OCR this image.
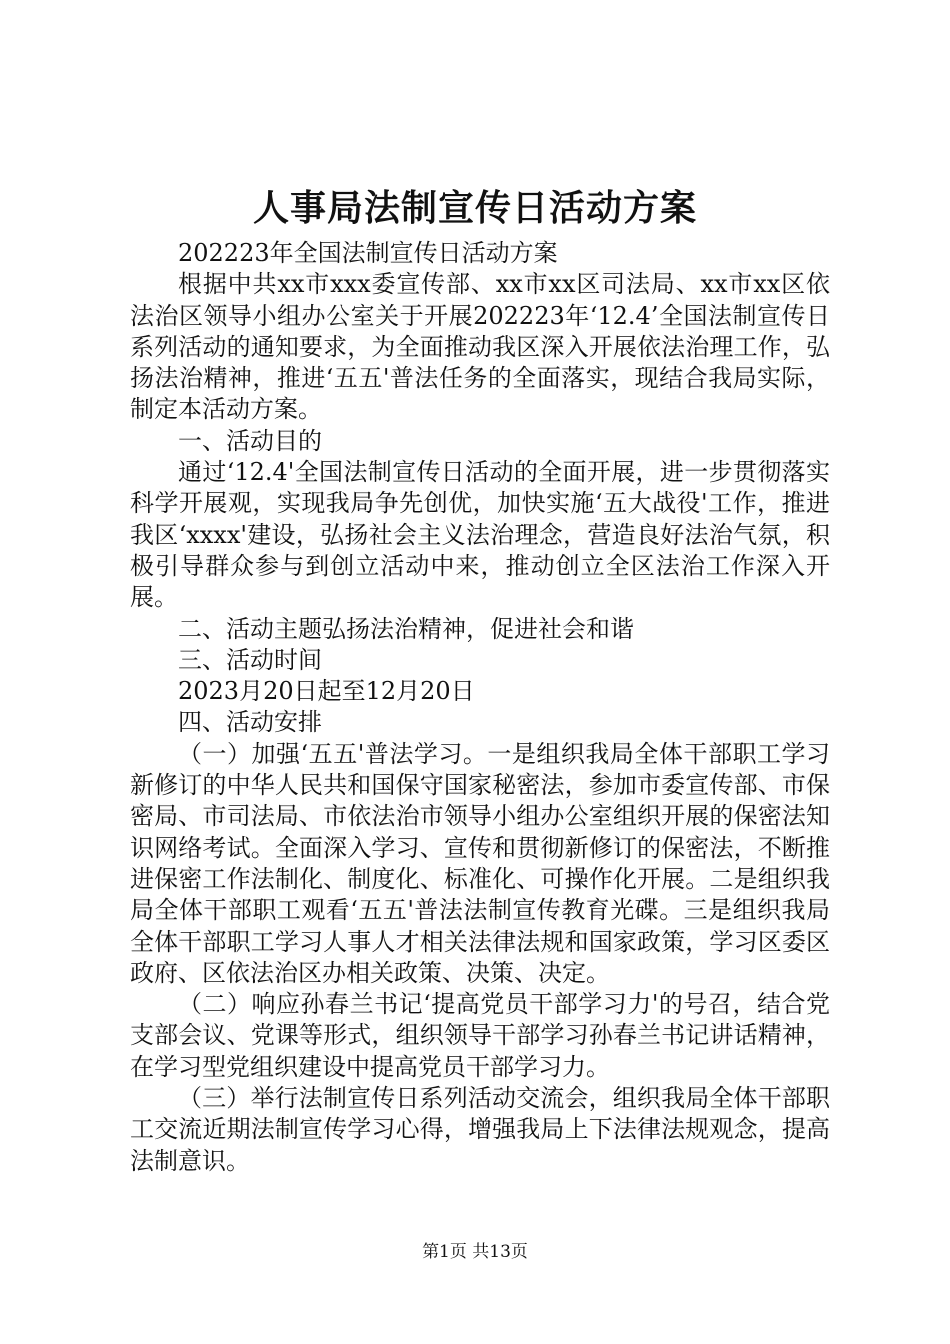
人事局法制宣传日活动方案

202223年全国法制宣传日活动方案

根据中共xx市xxx委宣传部、xx市xx区司法局、xx市xx区依法治区领导小组办公室关于开展202223年‘12.4’全国法制宣传日系列活动的通知要求，为全面推动我区深入开展依法治理工作，弘扬法治精神，推进‘五五'普法任务的全面落实，现结合我局实际，制定本活动方案。

一、活动目的

通过‘12.4'全国法制宣传日活动的全面开展，进一步贯彻落实科学开展观，实现我局争先创优，加快实施‘五大战役'工作，推进我区‘xxxx'建设，弘扬社会主义法治理念，营造良好法治气氛，积极引导群众参与到创立活动中来，推动创立全区法治工作深入开展。

二、活动主题弘扬法治精神，促进社会和谐

三、活动时间

2023月20日起至12月20日

四、活动安排

（一）加强‘五五'普法学习。一是组织我局全体干部职工学习新修订的中华人民共和国保守国家秘密法，参加市委宣传部、市保密局、市司法局、市依法治市领导小组办公室组织开展的保密法知识网络考试。全面深入学习、宣传和贯彻新修订的保密法，不断推进保密工作法制化、制度化、标准化、可操作化开展。二是组织我局全体干部职工观看‘五五'普法法制宣传教育光碟。三是组织我局全体干部职工学习人事人才相关法律法规和国家政策，学习区委区政府、区依法治区办相关政策、决策、决定。

（二）响应孙春兰书记‘提高党员干部学习力'的号召，结合党支部会议、党课等形式，组织领导干部学习孙春兰书记讲话精神，在学习型党组织建设中提高党员干部学习力。

（三）举行法制宣传日系列活动交流会，组织我局全体干部职工交流近期法制宣传学习心得，增强我局上下法律法规观念，提高法制意识。

第1页 共13页
